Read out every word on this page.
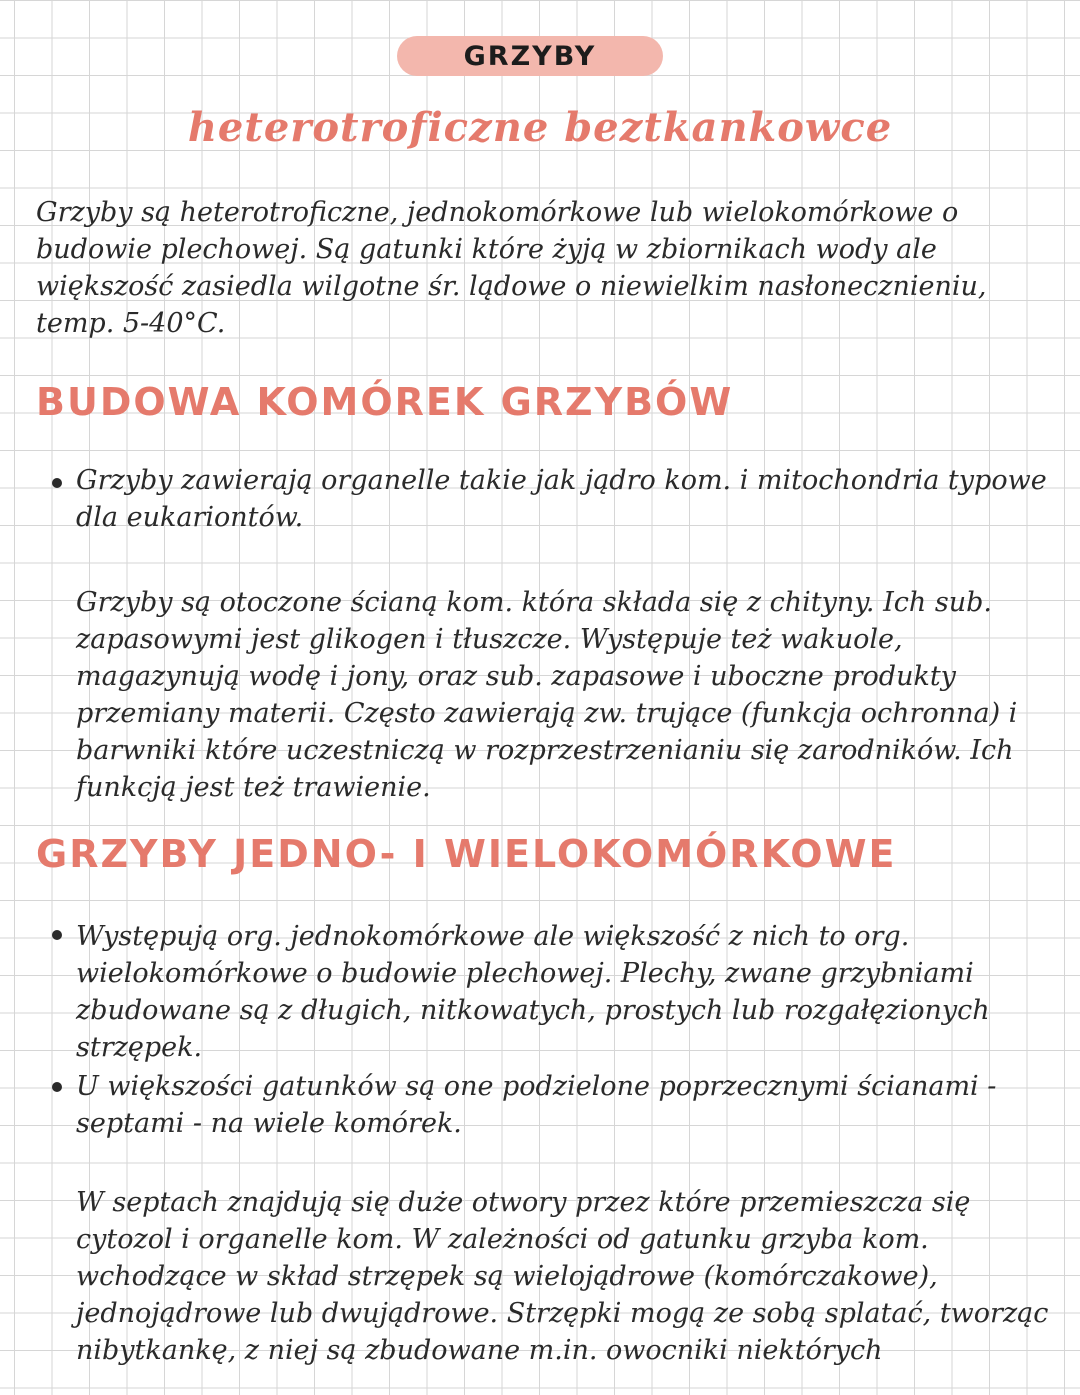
GRZYBY
heterotroficzne beztkankowce

Grzyby są heterotroficzne, jednokomórkowe lub wielokomórkowe o budowie plechowej. Są gatunki które żyją w zbiornikach wody ale większość zasiedla wilgotne śr. lądowe o niewielkim nasłonecznieniu, temp. 5-40°C.

BUDOWA KOMÓREK GRZYBÓW

Grzyby zawierają organelle takie jak jądro kom. i mitochondria typowe dla eukariontów.

Grzyby są otoczone ścianą kom. która składa się z chityny. Ich sub. zapasowymi jest glikogen i tłuszcze. Występuje też wakuole, magazynują wodę i jony, oraz sub. zapasowe i uboczne produkty przemiany materii. Często zawierają zw. trujące (funkcja ochronna) i barwniki które uczestniczą w rozprzestrzenianiu się zarodników. Ich funkcją jest też trawienie.

GRZYBY JEDNO- I WIELOKOMÓRKOWE

Występują org. jednokomórkowe ale większość z nich to org. wielokomórkowe o budowie plechowej. Plechy, zwane grzybniami zbudowane są z długich, nitkowatych, prostych lub rozgałęzionych strzępek.

U większości gatunków są one podzielone poprzecznymi ścianami - septami - na wiele komórek.

W septach znajdują się duże otwory przez które przemieszcza się cytozol i organelle kom. W zależności od gatunku grzyba kom. wchodzące w skład strzępek są wielojądrowe (komórczakowe), jednojądrowe lub dwujądrowe. Strzępki mogą ze sobą splatać, tworząc nibytkankę, z niej są zbudowane m.in. owocniki niektórych
